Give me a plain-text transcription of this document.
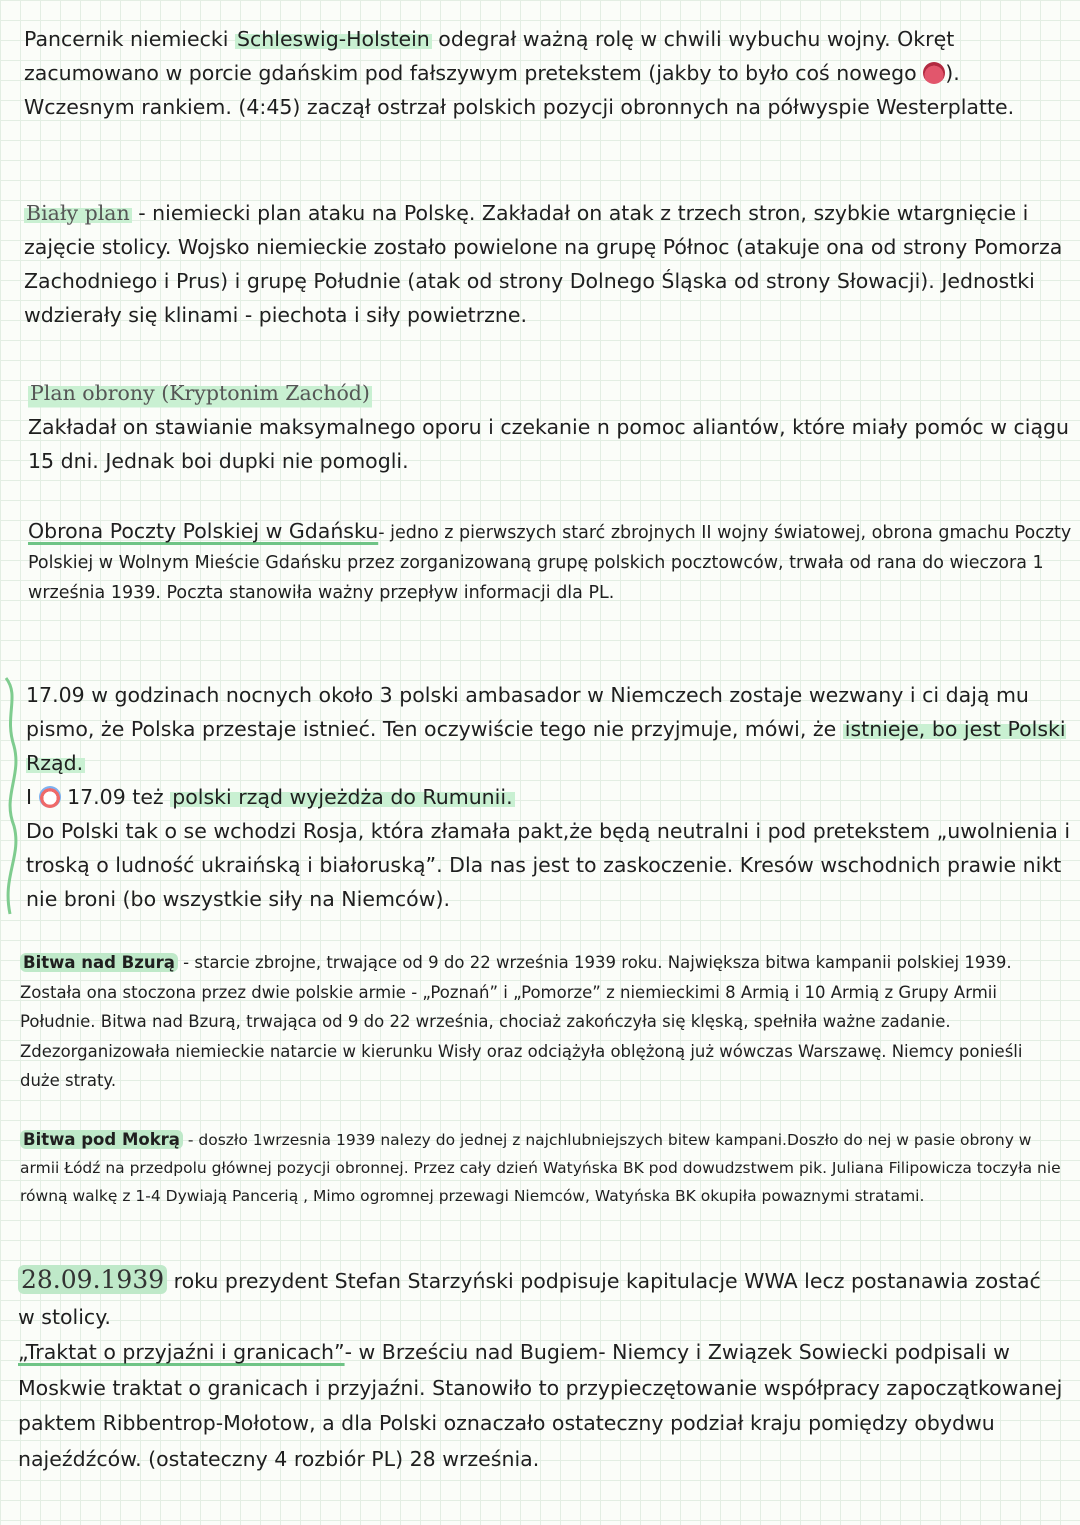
Pancernik niemiecki Schleswig-Holstein odegrał ważną rolę w chwili wybuchu wojny. Okręt zacumowano w porcie gdańskim pod fałszywym pretekstem (jakby to było coś nowego ). Wczesnym rankiem. (4:45) zaczął ostrzał polskich pozycji obronnych na półwyspie Westerplatte.
Biały plan - niemiecki plan ataku na Polskę. Zakładał on atak z trzech stron, szybkie wtargnięcie i zajęcie stolicy. Wojsko niemieckie zostało powielone na grupę Północ (atakuje ona od strony Pomorza Zachodniego i Prus) i grupę Południe (atak od strony Dolnego Śląska od strony Słowacji). Jednostki wdzierały się klinami - piechota i siły powietrzne.
Plan obrony (Kryptonim Zachód)
Zakładał on stawianie maksymalnego oporu i czekanie n pomoc aliantów, które miały pomóc w ciągu 15 dni. Jednak boi dupki nie pomogli.
Obrona Poczty Polskiej w Gdańsku- jedno z pierwszych starć zbrojnych II wojny światowej, obrona gmachu Poczty Polskiej w Wolnym Mieście Gdańsku przez zorganizowaną grupę polskich pocztowców, trwała od rana do wieczora 1 września 1939. Poczta stanowiła ważny przepływ informacji dla PL.
17.09 w godzinach nocnych około 3 polski ambasador w Niemczech zostaje wezwany i ci dają mu pismo, że Polska przestaje istnieć. Ten oczywiście tego nie przyjmuje, mówi, że istnieje, bo jest Polski Rząd.
I  17.09 też polski rząd wyjeżdża do Rumunii.
Do Polski tak o se wchodzi Rosja, która złamała pakt,że będą neutralni i pod pretekstem „uwolnienia i troską o ludność ukraińską i białoruską”. Dla nas jest to zaskoczenie. Kresów wschodnich prawie nikt nie broni (bo wszystkie siły na Niemców).
Bitwa nad Bzurą - starcie zbrojne, trwające od 9 do 22 września 1939 roku. Największa bitwa kampanii polskiej 1939. Została ona stoczona przez dwie polskie armie - „Poznań” i „Pomorze” z niemieckimi 8 Armią i 10 Armią z Grupy Armii Południe. Bitwa nad Bzurą, trwająca od 9 do 22 września, chociaż zakończyła się klęską, spełniła ważne zadanie. Zdezorganizowała niemieckie natarcie w kierunku Wisły oraz odciążyła oblężoną już wówczas Warszawę. Niemcy ponieśli duże straty.
Bitwa pod Mokrą - doszło 1wrzesnia 1939 nalezy do jednej z najchlubniejszych bitew kampani.Doszło do nej w pasie obrony w armii Łódź na przedpolu głównej pozycji obronnej. Przez cały dzień Watyńska BK pod dowudzstwem pik. Juliana Filipowicza toczyła nie równą walkę z 1-4 Dywiają Pancerią , Mimo ogromnej przewagi Niemców, Watyńska BK okupiła powaznymi stratami.
28.09.1939 roku prezydent Stefan Starzyński podpisuje kapitulacje WWA lecz postanawia zostać w stolicy.
„Traktat o przyjaźni i granicach”- w Brześciu nad Bugiem- Niemcy i Związek Sowiecki podpisali w Moskwie traktat o granicach i przyjaźni. Stanowiło to przypieczętowanie współpracy zapoczątkowanej paktem Ribbentrop-Mołotow, a dla Polski oznaczało ostateczny podział kraju pomiędzy obydwu najeźdźców. (ostateczny 4 rozbiór PL) 28 września.
